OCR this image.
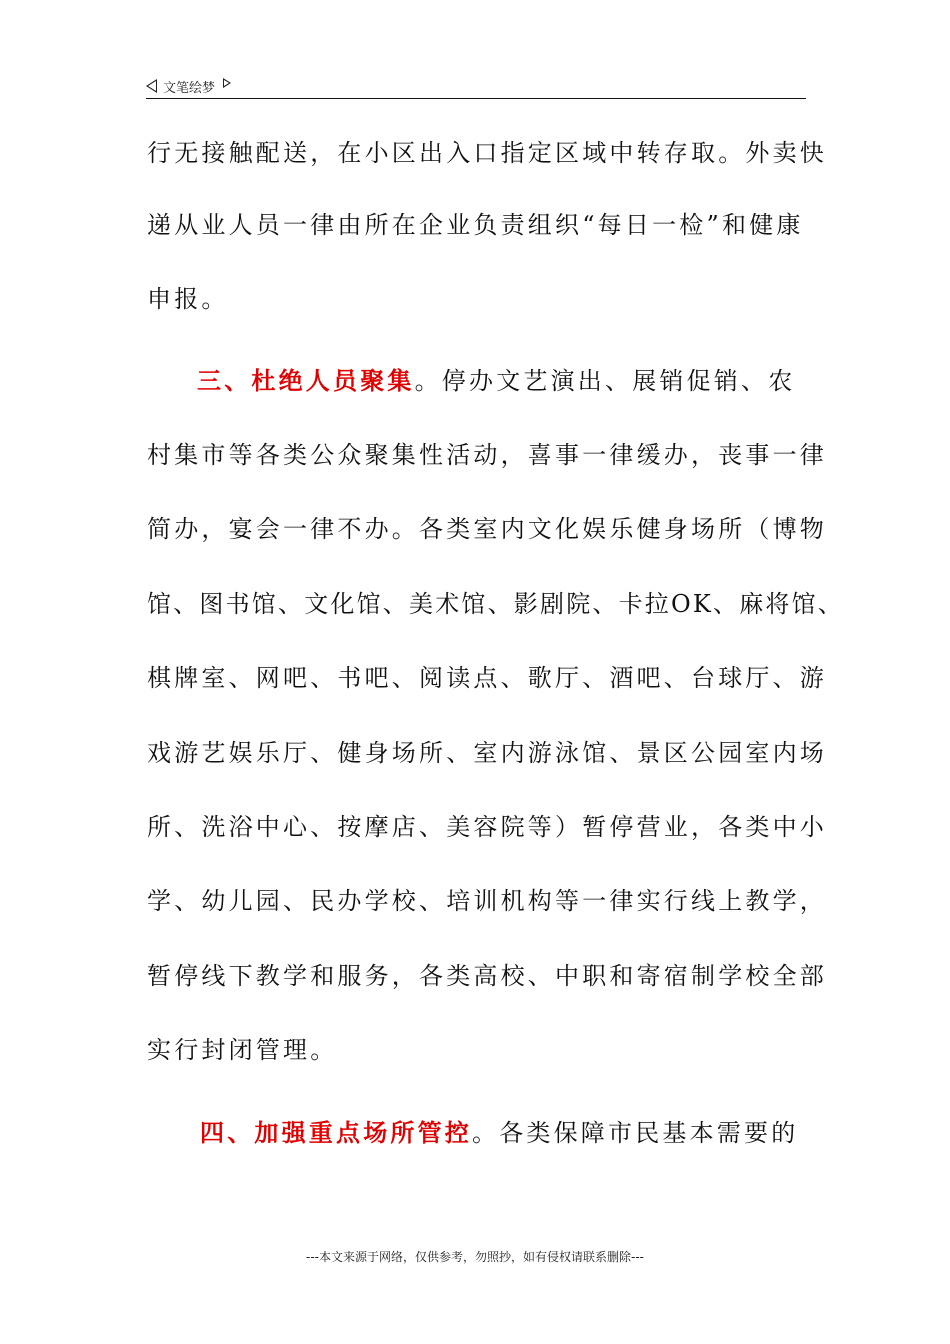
文笔绘梦
行无接触配送，在小区出入口指定区域中转存取。外卖快
递从业人员一律由所在企业负责组织“每日一检”和健康
申报。
三、杜绝人员聚集。停办文艺演出、展销促销、农
村集市等各类公众聚集性活动，喜事一律缓办，丧事一律
简办，宴会一律不办。各类室内文化娱乐健身场所（博物
馆、图书馆、文化馆、美术馆、影剧院、卡拉OK、麻将馆、
棋牌室、网吧、书吧、阅读点、歌厅、酒吧、台球厅、游
戏游艺娱乐厅、健身场所、室内游泳馆、景区公园室内场
所、洗浴中心、按摩店、美容院等）暂停营业，各类中小
学、幼儿园、民办学校、培训机构等一律实行线上教学，
暂停线下教学和服务，各类高校、中职和寄宿制学校全部
实行封闭管理。
四、加强重点场所管控。各类保障市民基本需要的
---本文来源于网络，仅供参考，勿照抄，如有侵权请联系删除---
